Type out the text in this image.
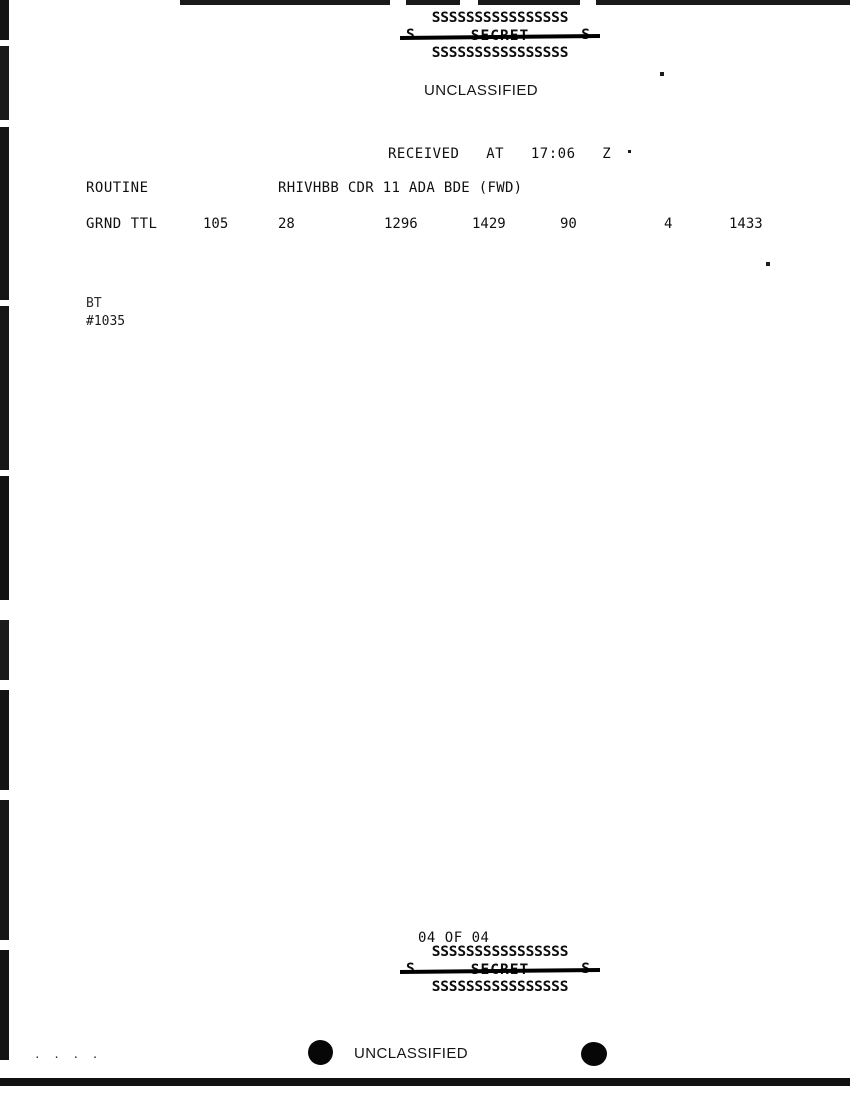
SSSSSSSSSSSSSSSS
SSSSSSSSSSSSSSSS
UNCLASSIFIED
RECEIVED   AT   17:06   Z
ROUTINE	RHIVHBB CDR 11 ADA BDE (FWD)
GRND TTL	105	28	1296	1429	90	4	1433
BT
#1035
04 OF 04
SSSSSSSSSSSSSSSS
SSSSSSSSSSSSSSSS
UNCLASSIFIED
. . . .
